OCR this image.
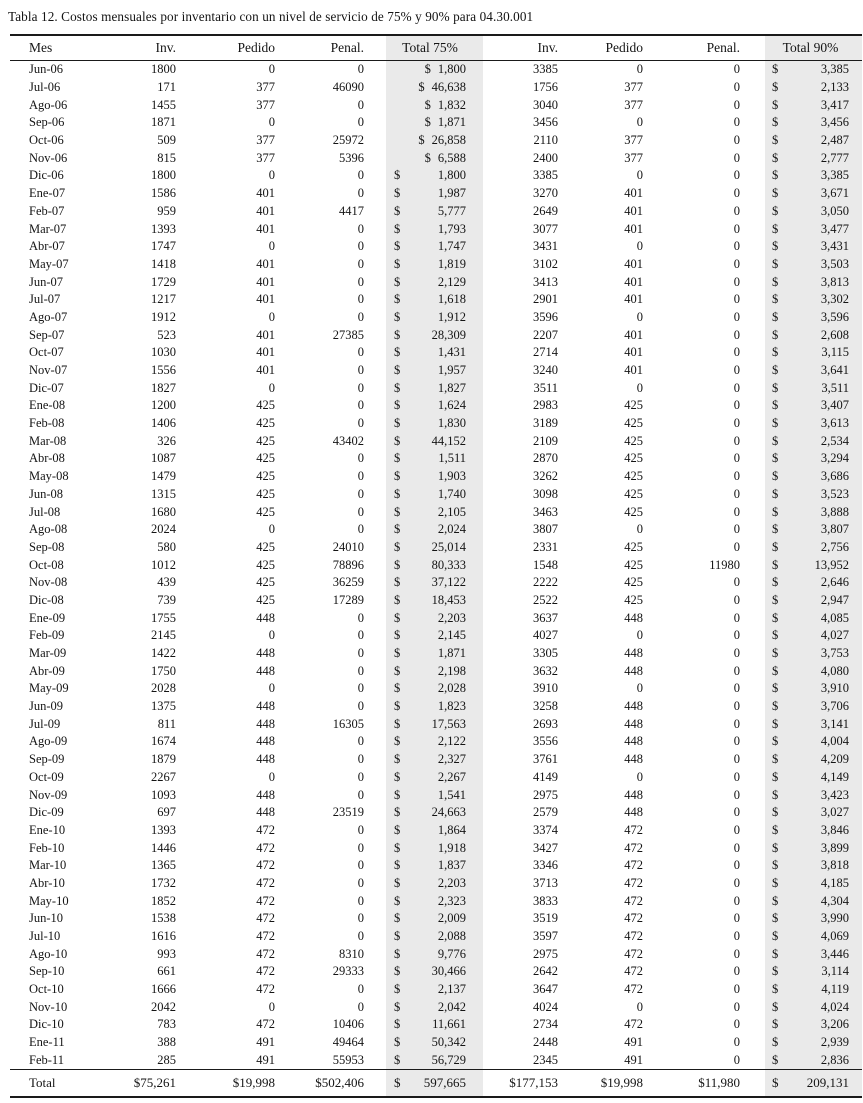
Tabla 12. Costos mensuales por inventario con un nivel de servicio de 75% y 90% para 04.30.001
Mes	Inv.	Pedido	Penal.	Total 75%	Inv.	Pedido	Penal.	Total 90%
Jun-06	1800	0	0	$ 1,800	3385	0	0	$ 3,385

Jul-06	171	377	46090	$ 46,638	1756	377	0	$ 2,133

Ago-06	1455	377	0	$ 1,832	3040	377	0	$ 3,417

Sep-06	1871	0	0	$ 1,871	3456	0	0	$ 3,456

Oct-06	509	377	25972	$ 26,858	2110	377	0	$ 2,487

Nov-06	815	377	5396	$ 6,588	2400	377	0	$ 2,777

Dic-06	1800	0	0	$ 1,800	3385	0	0	$ 3,385

Ene-07	1586	401	0	$ 1,987	3270	401	0	$ 3,671

Feb-07	959	401	4417	$ 5,777	2649	401	0	$ 3,050

Mar-07	1393	401	0	$ 1,793	3077	401	0	$ 3,477

Abr-07	1747	0	0	$ 1,747	3431	0	0	$ 3,431

May-07	1418	401	0	$ 1,819	3102	401	0	$ 3,503

Jun-07	1729	401	0	$ 2,129	3413	401	0	$ 3,813

Jul-07	1217	401	0	$ 1,618	2901	401	0	$ 3,302

Ago-07	1912	0	0	$ 1,912	3596	0	0	$ 3,596

Sep-07	523	401	27385	$ 28,309	2207	401	0	$ 2,608

Oct-07	1030	401	0	$ 1,431	2714	401	0	$ 3,115

Nov-07	1556	401	0	$ 1,957	3240	401	0	$ 3,641

Dic-07	1827	0	0	$ 1,827	3511	0	0	$ 3,511

Ene-08	1200	425	0	$ 1,624	2983	425	0	$ 3,407

Feb-08	1406	425	0	$ 1,830	3189	425	0	$ 3,613

Mar-08	326	425	43402	$ 44,152	2109	425	0	$ 2,534

Abr-08	1087	425	0	$ 1,511	2870	425	0	$ 3,294

May-08	1479	425	0	$ 1,903	3262	425	0	$ 3,686

Jun-08	1315	425	0	$ 1,740	3098	425	0	$ 3,523

Jul-08	1680	425	0	$ 2,105	3463	425	0	$ 3,888

Ago-08	2024	0	0	$ 2,024	3807	0	0	$ 3,807

Sep-08	580	425	24010	$ 25,014	2331	425	0	$ 2,756

Oct-08	1012	425	78896	$ 80,333	1548	425	11980	$ 13,952

Nov-08	439	425	36259	$ 37,122	2222	425	0	$ 2,646

Dic-08	739	425	17289	$ 18,453	2522	425	0	$ 2,947

Ene-09	1755	448	0	$ 2,203	3637	448	0	$ 4,085

Feb-09	2145	0	0	$ 2,145	4027	0	0	$ 4,027

Mar-09	1422	448	0	$ 1,871	3305	448	0	$ 3,753

Abr-09	1750	448	0	$ 2,198	3632	448	0	$ 4,080

May-09	2028	0	0	$ 2,028	3910	0	0	$ 3,910

Jun-09	1375	448	0	$ 1,823	3258	448	0	$ 3,706

Jul-09	811	448	16305	$ 17,563	2693	448	0	$ 3,141

Ago-09	1674	448	0	$ 2,122	3556	448	0	$ 4,004

Sep-09	1879	448	0	$ 2,327	3761	448	0	$ 4,209

Oct-09	2267	0	0	$ 2,267	4149	0	0	$ 4,149

Nov-09	1093	448	0	$ 1,541	2975	448	0	$ 3,423

Dic-09	697	448	23519	$ 24,663	2579	448	0	$ 3,027

Ene-10	1393	472	0	$ 1,864	3374	472	0	$ 3,846

Feb-10	1446	472	0	$ 1,918	3427	472	0	$ 3,899

Mar-10	1365	472	0	$ 1,837	3346	472	0	$ 3,818

Abr-10	1732	472	0	$ 2,203	3713	472	0	$ 4,185

May-10	1852	472	0	$ 2,323	3833	472	0	$ 4,304

Jun-10	1538	472	0	$ 2,009	3519	472	0	$ 3,990

Jul-10	1616	472	0	$ 2,088	3597	472	0	$ 4,069

Ago-10	993	472	8310	$ 9,776	2975	472	0	$ 3,446

Sep-10	661	472	29333	$ 30,466	2642	472	0	$ 3,114

Oct-10	1666	472	0	$ 2,137	3647	472	0	$ 4,119

Nov-10	2042	0	0	$ 2,042	4024	0	0	$ 4,024

Dic-10	783	472	10406	$ 11,661	2734	472	0	$ 3,206

Ene-11	388	491	49464	$ 50,342	2448	491	0	$ 2,939

Feb-11	285	491	55953	$ 56,729	2345	491	0	$ 2,836

Total	$75,261	$19,998	$502,406	$ 597,665	$177,153	$19,998	$11,980	$ 209,131
